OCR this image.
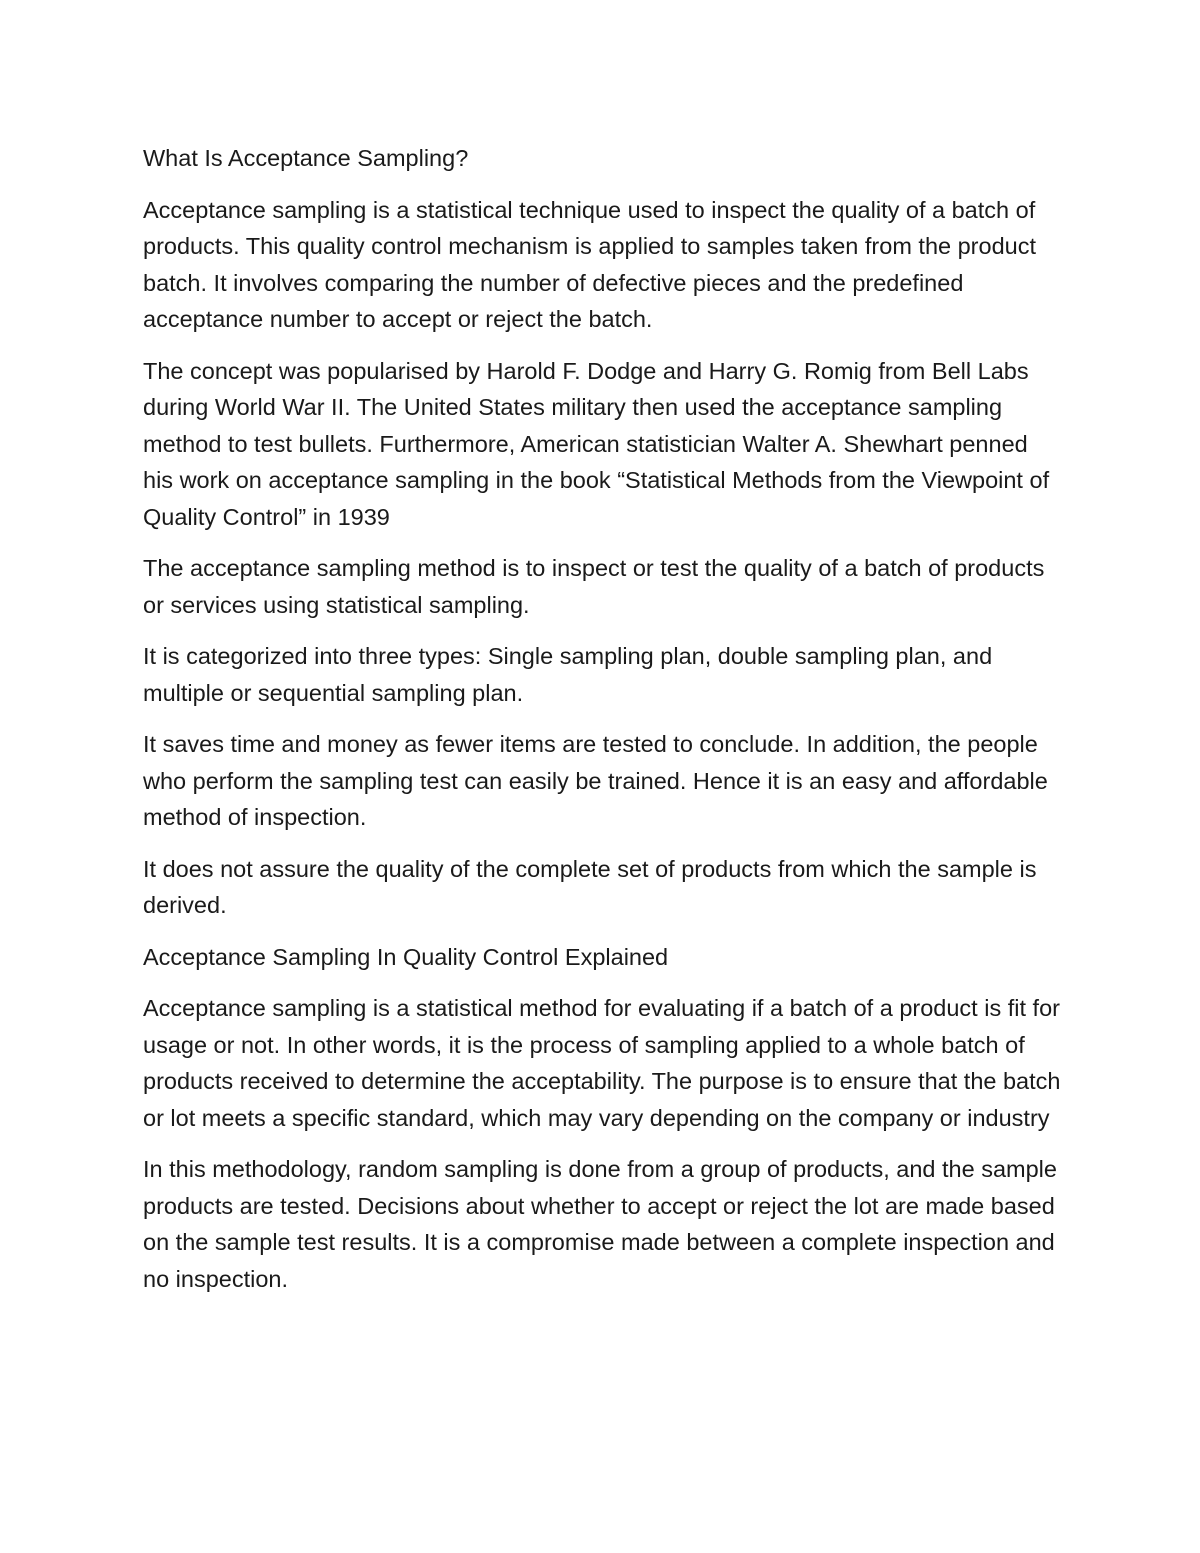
What Is Acceptance Sampling?

Acceptance sampling is a statistical technique used to inspect the quality of a batch of products. This quality control mechanism is applied to samples taken from the product batch. It involves comparing the number of defective pieces and the predefined acceptance number to accept or reject the batch.

The concept was popularised by Harold F. Dodge and Harry G. Romig from Bell Labs during World War II. The United States military then used the acceptance sampling method to test bullets. Furthermore, American statistician Walter A. Shewhart penned his work on acceptance sampling in the book “Statistical Methods from the Viewpoint of Quality Control” in 1939

The acceptance sampling method is to inspect or test the quality of a batch of products or services using statistical sampling.

It is categorized into three types: Single sampling plan, double sampling plan, and multiple or sequential sampling plan.

It saves time and money as fewer items are tested to conclude. In addition, the people who perform the sampling test can easily be trained. Hence it is an easy and affordable method of inspection.

It does not assure the quality of the complete set of products from which the sample is derived.

Acceptance Sampling In Quality Control Explained

Acceptance sampling is a statistical method for evaluating if a batch of a product is fit for usage or not. In other words, it is the process of sampling applied to a whole batch of products received to determine the acceptability. The purpose is to ensure that the batch or lot meets a specific standard, which may vary depending on the company or industry

In this methodology, random sampling is done from a group of products, and the sample products are tested. Decisions about whether to accept or reject the lot are made based on the sample test results. It is a compromise made between a complete inspection and no inspection.
